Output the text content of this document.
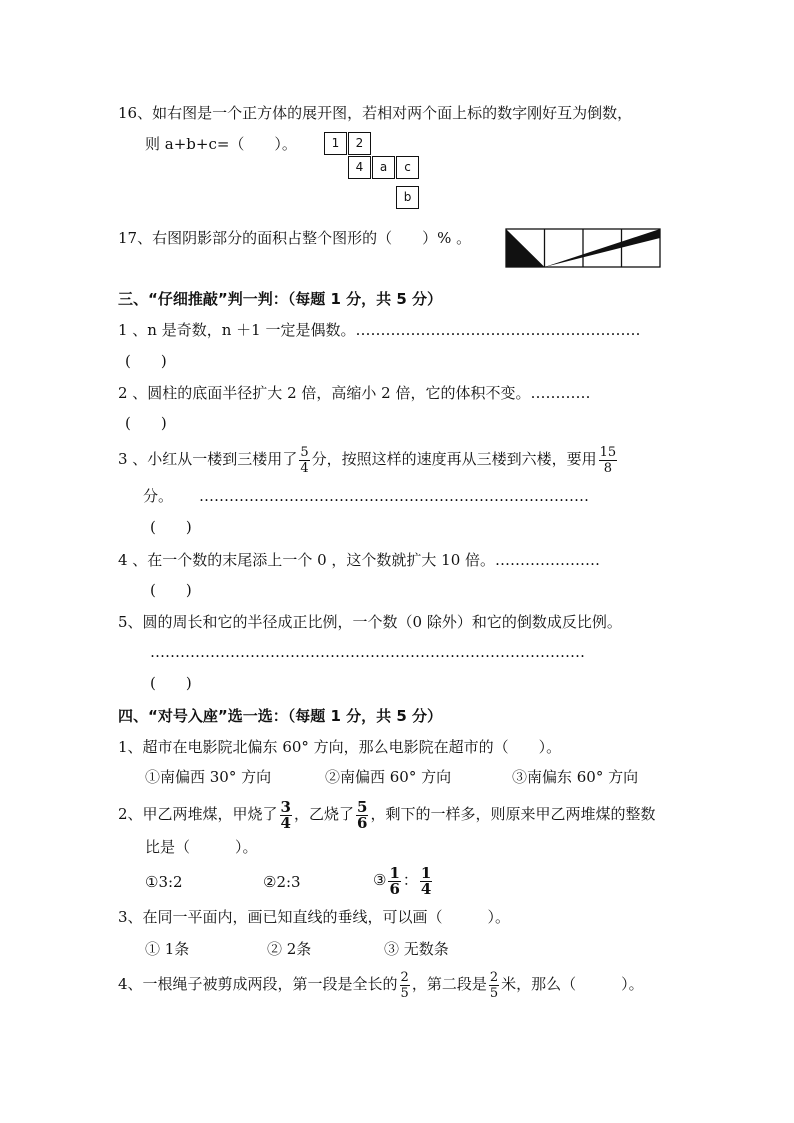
16、如右图是一个正方体的展开图，若相对两个面上标的数字刚好互为倒数，
则 a+b+c=（　　）。	1	2
4	a	c
b
17、右图阴影部分的面积占整个图形的（　　）% 。
三、“仔细推敲”判一判：（每题 1 分，共 5 分）
1 、n 是奇数，n ＋1 一定是偶数。…………………………………………………
(　　)
2 、圆柱的底面半径扩大 2 倍，高缩小 2 倍，它的体积不变。…………
(　　)
3 、小红从一楼到三楼用了 $\frac{5}{4}$ 分，按照这样的速度再从三楼到六楼，要用 $\frac{15}{8}$
分。 ……………………………………………………………………
(　　)
4 、在一个数的末尾添上一个 0 ，这个数就扩大 10 倍。…………………
(　　)
5、圆的周长和它的半径成正比例，一个数（0 除外）和它的倒数成反比例。
……………………………………………………………………………
(　　)
四、“对号入座”选一选：（每题 1 分，共 5 分）
1、超市在电影院北偏东 60° 方向，那么电影院在超市的（　　）。
①南偏西 30° 方向	②南偏西 60° 方向	③南偏东 60° 方向
2、甲乙两堆煤，甲烧了 $\frac{3}{4}$ ，乙烧了 $\frac{5}{6}$ ，剩下的一样多，则原来甲乙两堆煤的整数
比是（　　　）。
①3:2	②2:3	③ $\frac{1}{6}$ ： $\frac{1}{4}$
3、在同一平面内，画已知直线的垂线，可以画（　　　）。
① 1条	② 2条	③ 无数条
4、一根绳子被剪成两段，第一段是全长的 $\frac{2}{5}$ ，第二段是 $\frac{2}{5}$ 米，那么（　　　）。
